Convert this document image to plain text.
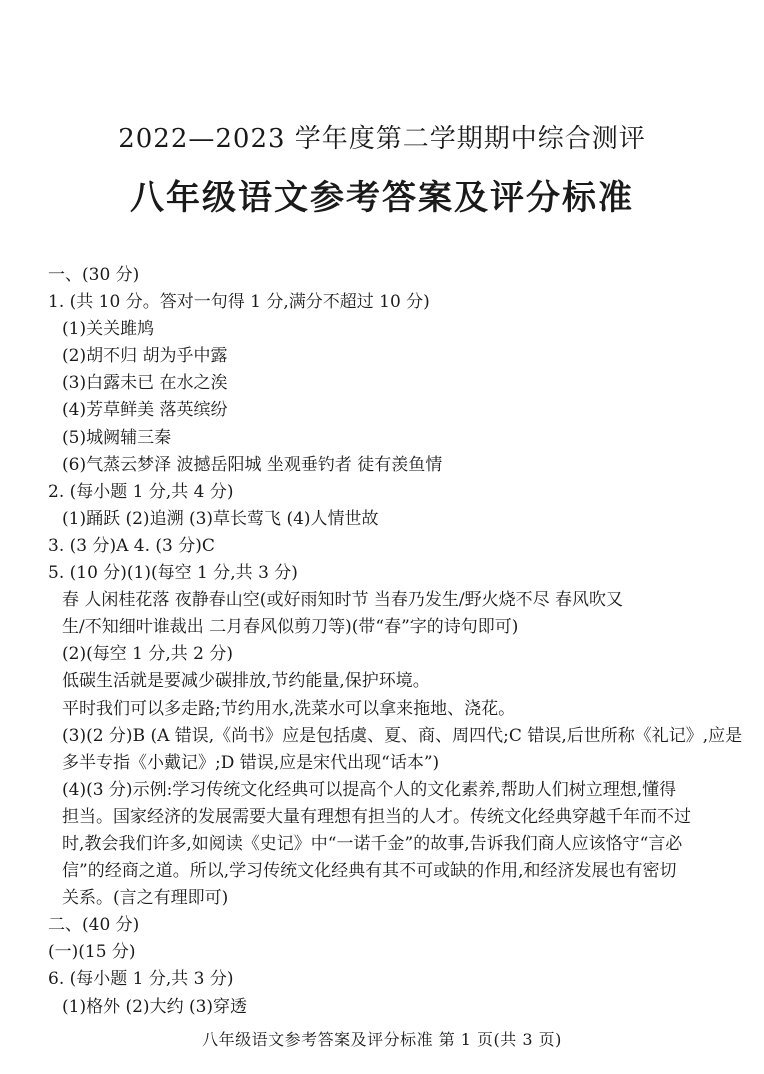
2022—2023 学年度第二学期期中综合测评
八年级语文参考答案及评分标准
一、(30 分)
1. (共 10 分。答对一句得 1 分,满分不超过 10 分)
(1)关关雎鸠
(2)胡不归 胡为乎中露
(3)白露未已 在水之涘
(4)芳草鲜美 落英缤纷
(5)城阙辅三秦
(6)气蒸云梦泽 波撼岳阳城 坐观垂钓者 徒有羡鱼情
2. (每小题 1 分,共 4 分)
(1)踊跃 (2)追溯 (3)草长莺飞 (4)人情世故
3. (3 分)A 4. (3 分)C
5. (10 分)(1)(每空 1 分,共 3 分)
春 人闲桂花落 夜静春山空(或好雨知时节 当春乃发生/野火烧不尽 春风吹又
生/不知细叶谁裁出 二月春风似剪刀等)(带“春”字的诗句即可)
(2)(每空 1 分,共 2 分)
低碳生活就是要减少碳排放,节约能量,保护环境。
平时我们可以多走路;节约用水,洗菜水可以拿来拖地、浇花。
(3)(2 分)B (A 错误,《尚书》应是包括虞、夏、商、周四代;C 错误,后世所称《礼记》,应是
多半专指《小戴记》;D 错误,应是宋代出现“话本”)
(4)(3 分)示例:学习传统文化经典可以提高个人的文化素养,帮助人们树立理想,懂得
担当。国家经济的发展需要大量有理想有担当的人才。传统文化经典穿越千年而不过
时,教会我们许多,如阅读《史记》中“一诺千金”的故事,告诉我们商人应该恪守“言必
信”的经商之道。所以,学习传统文化经典有其不可或缺的作用,和经济发展也有密切
关系。(言之有理即可)
二、(40 分)
(一)(15 分)
6. (每小题 1 分,共 3 分)
(1)格外 (2)大约 (3)穿透
八年级语文参考答案及评分标准 第 1 页(共 3 页)
